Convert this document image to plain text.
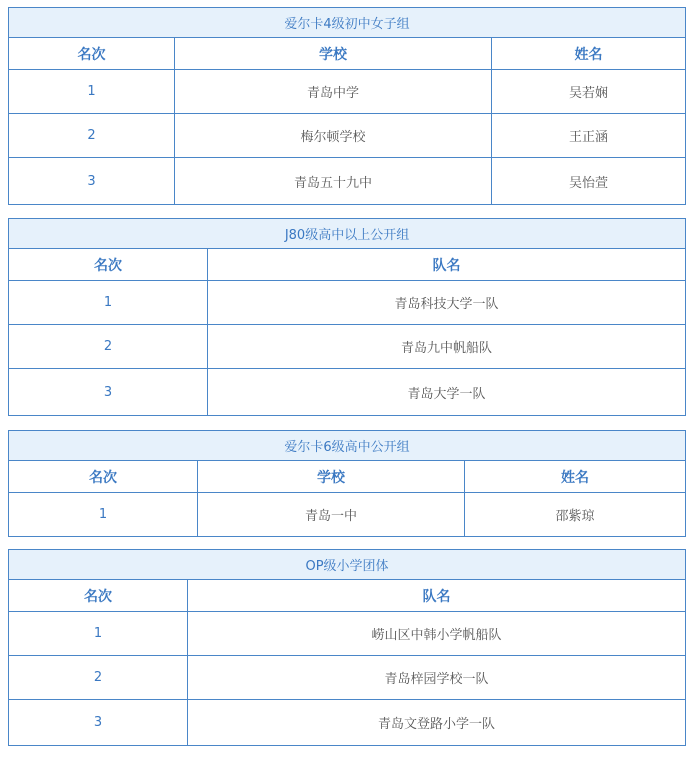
爱尔卡4级初中女子组		
名次	学校	姓名
1	青岛中学	吴若娴
2	梅尔顿学校	王正涵
3	青岛五十九中	吴怡萱
J80级高中以上公开组	
名次	队名
1	青岛科技大学一队
2	青岛九中帆船队
3	青岛大学一队
爱尔卡6级高中公开组		
名次	学校	姓名
1	青岛一中	邵紫琼
OP级小学团体	
名次	队名
1	崂山区中韩小学帆船队
2	青岛梓园学校一队
3	青岛文登路小学一队
